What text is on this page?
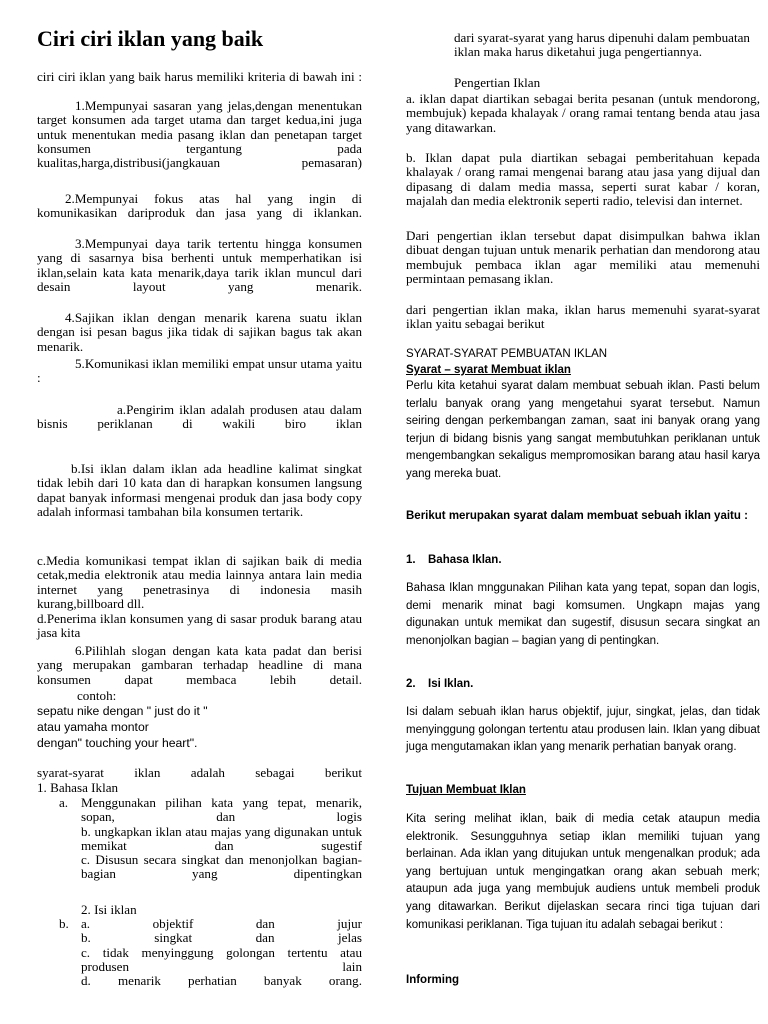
Ciri ciri iklan yang baik

ciri ciri iklan yang baik harus memiliki kriteria di bawah ini :

1.Mempunyai sasaran yang jelas,dengan menentukan target konsumen ada target utama dan target kedua,ini juga untuk menentukan media pasang iklan dan penetapan target konsumen tergantung pada kualitas,harga,distribusi(jangkauan pemasaran)

2.Mempunyai fokus atas hal yang ingin di komunikasikan dariproduk dan jasa yang di iklankan.

3.Mempunyai daya tarik tertentu hingga konsumen yang di sasarnya bisa berhenti untuk memperhatikan isi iklan,selain kata kata menarik,daya tarik iklan muncul dari desain layout yang menarik.

4.Sajikan iklan dengan menarik karena suatu iklan dengan isi pesan bagus jika tidak di sajikan bagus tak akan menarik.

5.Komunikasi iklan memiliki empat unsur utama yaitu :

a.Pengirim iklan adalah produsen atau dalam bisnis periklanan di wakili biro iklan

b.Isi iklan dalam iklan ada headline kalimat singkat tidak lebih dari 10 kata dan di harapkan konsumen langsung dapat banyak informasi mengenai produk dan jasa body copy adalah informasi tambahan bila konsumen tertarik.

c.Media komunikasi tempat iklan di sajikan baik di media cetak,media elektronik atau media lainnya antara lain media internet yang penetrasinya di indonesia masih kurang,billboard dll.

d.Penerima iklan konsumen yang di sasar produk barang atau jasa kita

6.Pilihlah slogan dengan kata kata padat dan berisi yang merupakan gambaran terhadap headline di mana konsumen dapat membaca lebih detail.

contoh:

sepatu nike dengan " just do it "

atau yamaha montor

dengan" touching your heart".

syarat-syarat iklan adalah sebagai berikut

1. Bahasa Iklan

a. Menggunakan pilihan kata yang tepat, menarik, sopan, dan logis
b. ungkapkan iklan atau majas yang digunakan untuk memikat dan sugestif
c. Disusun secara singkat dan menonjolkan bagian-bagian yang dipentingkan

2. Isi iklan

b. a. objektif dan jujur
b. singkat dan jelas
c. tidak menyinggung golongan tertentu atau produsen lain
d. menarik perhatian banyak orang.

dari syarat-syarat yang harus dipenuhi dalam pembuatan iklan maka harus diketahui juga pengertiannya.

Pengertian Iklan

a. iklan dapat diartikan sebagai berita pesanan (untuk mendorong, membujuk) kepada khalayak / orang ramai tentang benda atau jasa yang ditawarkan.

b. Iklan dapat pula diartikan sebagai pemberitahuan kepada khalayak / orang ramai mengenai barang atau jasa yang dijual dan dipasang di dalam media massa, seperti surat kabar / koran, majalah dan media elektronik seperti radio, televisi dan internet.

Dari pengertian iklan tersebut dapat disimpulkan bahwa iklan dibuat dengan tujuan untuk menarik perhatian dan mendorong atau membujuk pembaca iklan agar memiliki atau memenuhi permintaan pemasang iklan.

dari pengertian iklan maka, iklan harus memenuhi syarat-syarat iklan yaitu sebagai berikut

SYARAT-SYARAT PEMBUATAN IKLAN

Syarat – syarat Membuat iklan

Perlu kita ketahui syarat dalam membuat sebuah iklan. Pasti belum terlalu banyak orang yang mengetahui syarat tersebut. Namun seiring dengan perkembangan zaman, saat ini banyak orang yang terjun di bidang bisnis yang sangat membutuhkan periklanan untuk mengembangkan sekaligus mempromosikan barang atau hasil karya yang mereka buat.

Berikut merupakan syarat dalam membuat sebuah iklan yaitu :

1. Bahasa Iklan.

Bahasa Iklan mnggunakan Pilihan kata yang tepat, sopan dan logis, demi menarik minat bagi komsumen. Ungkapn majas yang digunakan untuk memikat dan sugestif, disusun secara singkat an menonjolkan bagian – bagian yang di pentingkan.

2. Isi Iklan.

Isi dalam sebuah iklan harus objektif, jujur, singkat, jelas, dan tidak menyinggung golongan tertentu atau produsen lain. Iklan yang dibuat juga mengutamakan iklan yang menarik perhatian banyak orang.

Tujuan Membuat Iklan

Kita sering melihat iklan, baik di media cetak ataupun media elektronik. Sesungguhnya setiap iklan memiliki tujuan yang berlainan. Ada iklan yang ditujukan untuk mengenalkan produk; ada yang bertujuan untuk mengingatkan orang akan sebuah merk; ataupun ada juga yang membujuk audiens untuk membeli produk yang ditawarkan. Berikut dijelaskan secara rinci tiga tujuan dari komunikasi periklanan. Tiga tujuan itu adalah sebagai berikut :

Informing
